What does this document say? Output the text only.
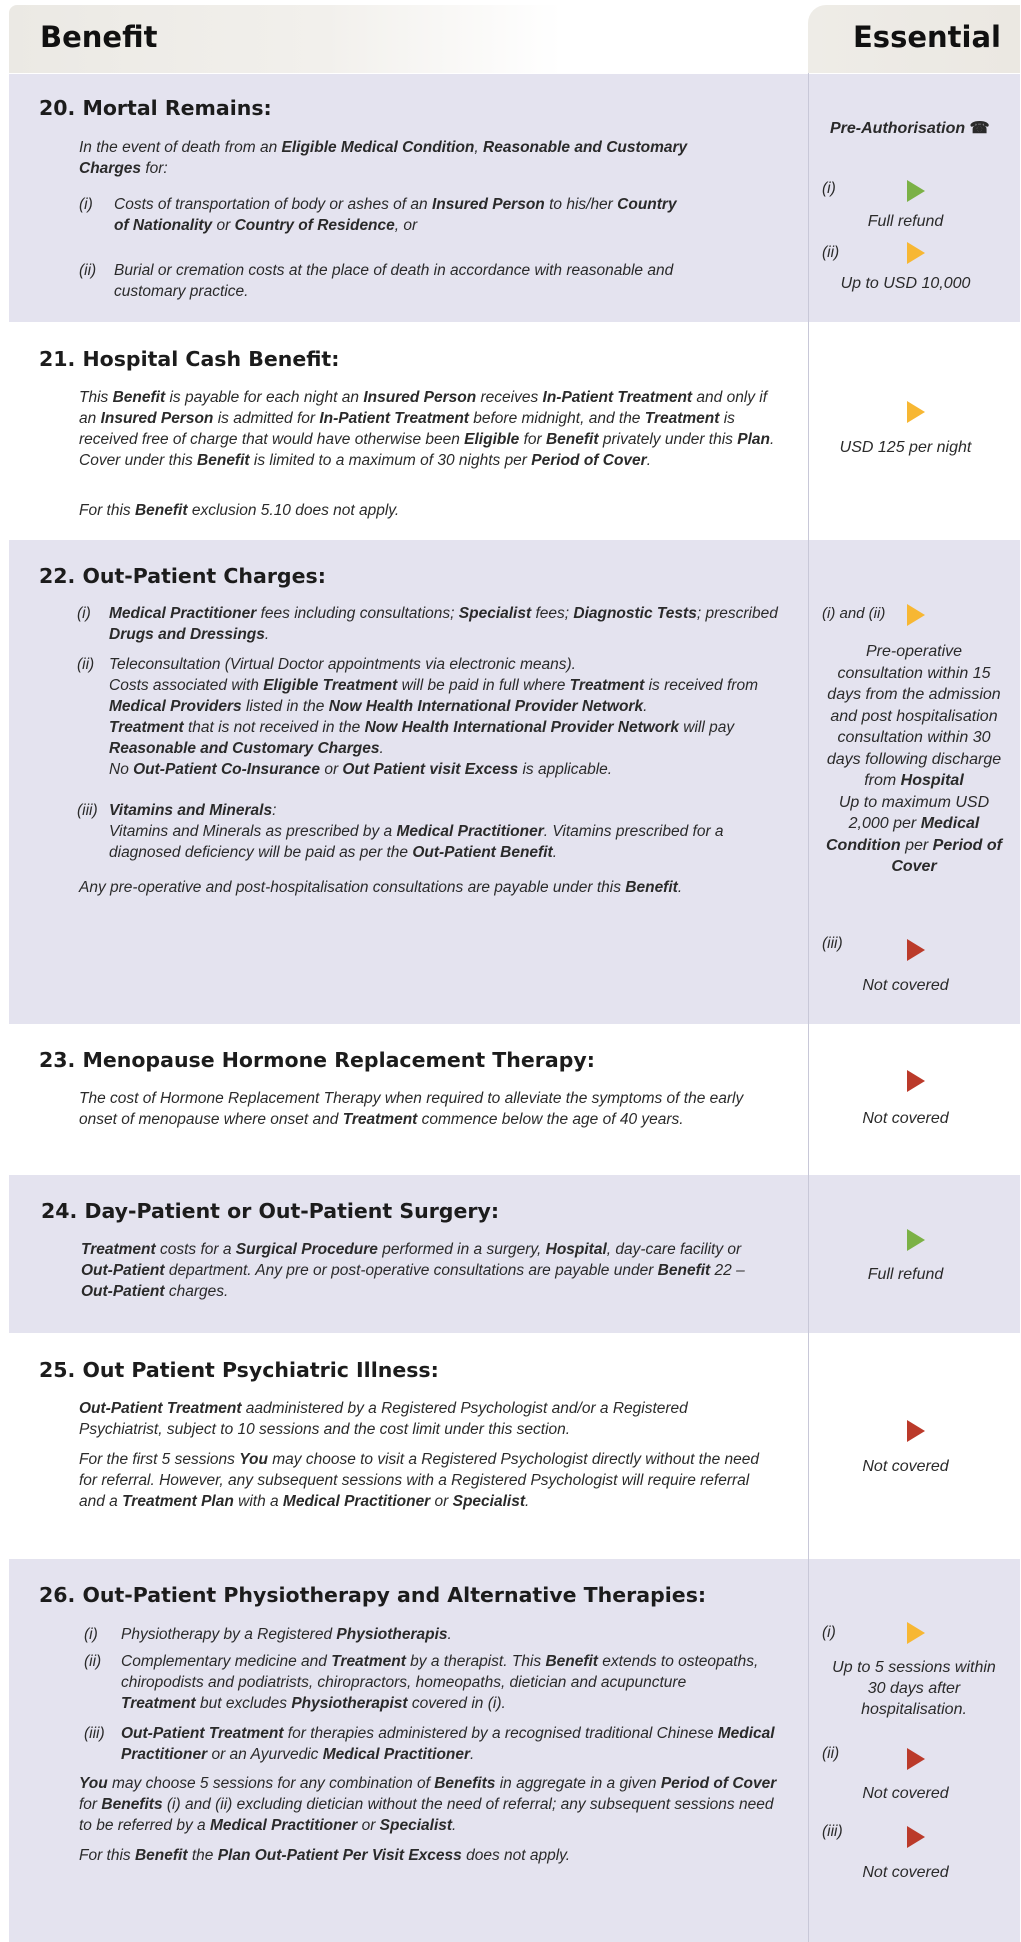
Benefit	Essential
20. Mortal Remains:
In the event of death from an Eligible Medical Condition, Reasonable and Customary Charges for:
(i) Costs of transportation of body or ashes of an Insured Person to his/her Country of Nationality or Country of Residence, or
(ii) Burial or cremation costs at the place of death in accordance with reasonable and customary practice.
Pre-Authorisation ☎
(i)
Full refund
(ii)
Up to USD 10,000
21. Hospital Cash Benefit:
This Benefit is payable for each night an Insured Person receives In-Patient Treatment and only if an Insured Person is admitted for In-Patient Treatment before midnight, and the Treatment is received free of charge that would have otherwise been Eligible for Benefit privately under this Plan. Cover under this Benefit is limited to a maximum of 30 nights per Period of Cover.
For this Benefit exclusion 5.10 does not apply.
USD 125 per night
22. Out-Patient Charges:
(i) Medical Practitioner fees including consultations; Specialist fees; Diagnostic Tests; prescribed Drugs and Dressings.
(ii) Teleconsultation (Virtual Doctor appointments via electronic means).
Costs associated with Eligible Treatment will be paid in full where Treatment is received from Medical Providers listed in the Now Health International Provider Network.
Treatment that is not received in the Now Health International Provider Network will pay Reasonable and Customary Charges.
No Out-Patient Co-Insurance or Out Patient visit Excess is applicable.
(iii) Vitamins and Minerals:
Vitamins and Minerals as prescribed by a Medical Practitioner. Vitamins prescribed for a diagnosed deficiency will be paid as per the Out-Patient Benefit.
Any pre-operative and post-hospitalisation consultations are payable under this Benefit.
(i) and (ii)
Pre-operative consultation within 15 days from the admission and post hospitalisation consultation within 30 days following discharge from Hospital
Up to maximum USD 2,000 per Medical Condition per Period of Cover
(iii)
Not covered
23. Menopause Hormone Replacement Therapy:
The cost of Hormone Replacement Therapy when required to alleviate the symptoms of the early onset of menopause where onset and Treatment commence below the age of 40 years.	Not covered
24. Day-Patient or Out-Patient Surgery:
Treatment costs for a Surgical Procedure performed in a surgery, Hospital, day-care facility or Out-Patient department. Any pre or post-operative consultations are payable under Benefit 22 – Out-Patient charges.
Full refund
25. Out Patient Psychiatric Illness:
Out-Patient Treatment aadministered by a Registered Psychologist and/or a Registered Psychiatrist, subject to 10 sessions and the cost limit under this section.
For the first 5 sessions You may choose to visit a Registered Psychologist directly without the need for referral. However, any subsequent sessions with a Registered Psychologist will require referral and a Treatment Plan with a Medical Practitioner or Specialist.
Not covered
26. Out-Patient Physiotherapy and Alternative Therapies:
(i) Physiotherapy by a Registered Physiotherapis.
(ii) Complementary medicine and Treatment by a therapist. This Benefit extends to osteopaths, chiropodists and podiatrists, chiropractors, homeopaths, dietician and acupuncture Treatment but excludes Physiotherapist covered in (i).
(iii) Out-Patient Treatment for therapies administered by a recognised traditional Chinese Medical Practitioner or an Ayurvedic Medical Practitioner.
You may choose 5 sessions for any combination of Benefits in aggregate in a given Period of Cover for Benefits (i) and (ii) excluding dietician without the need of referral; any subsequent sessions need to be referred by a Medical Practitioner or Specialist.
For this Benefit the Plan Out-Patient Per Visit Excess does not apply.
(i)
Up to 5 sessions within 30 days after hospitalisation.
(ii)
Not covered
(iii)
Not covered
